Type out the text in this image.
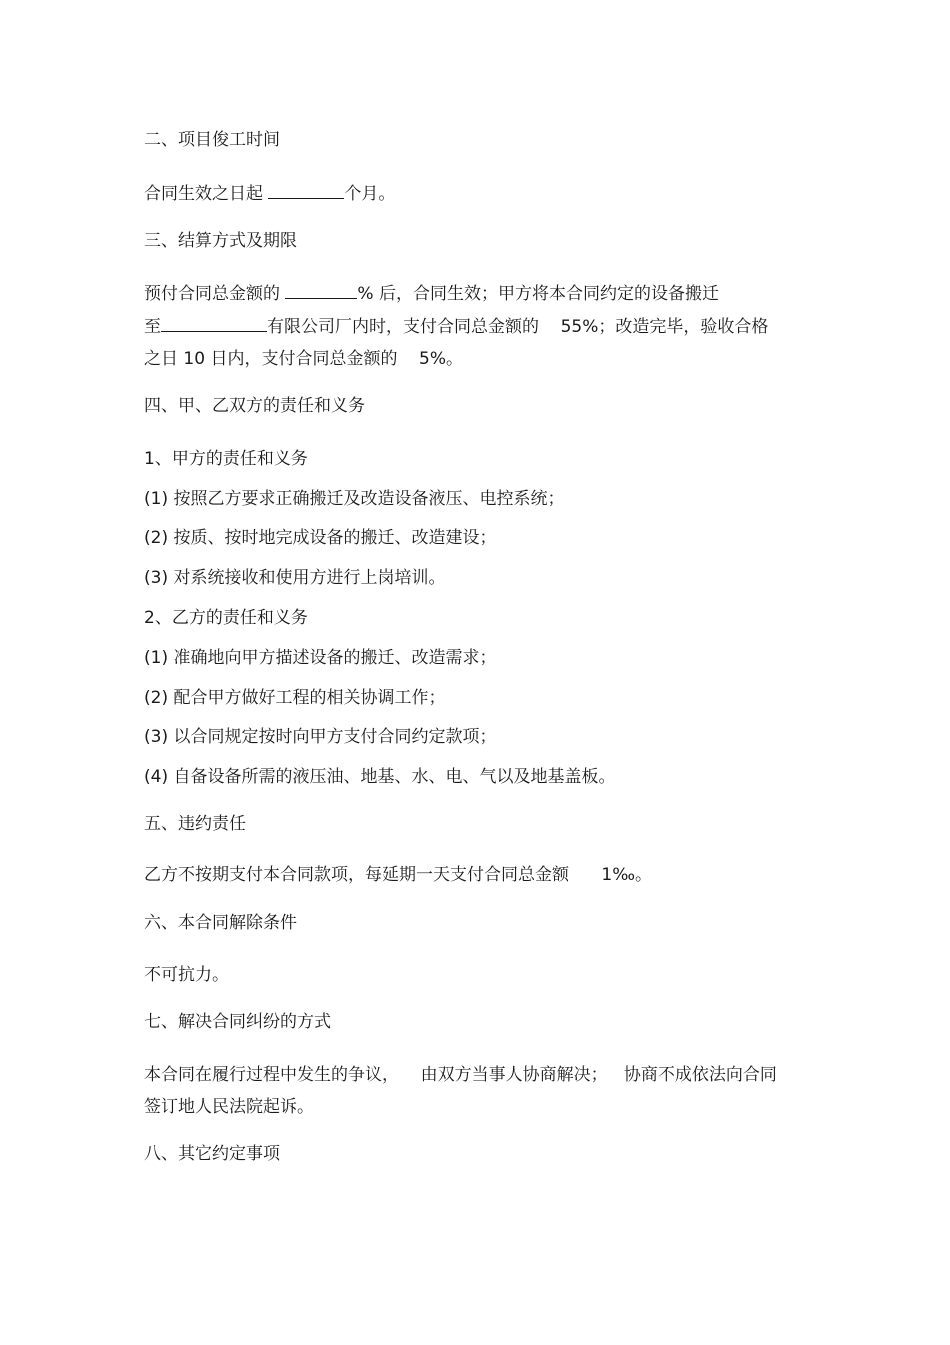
二、项目俊工时间
合同生效之日起	个月。
三、结算方式及期限
预付合同总金额的	% 后，合同生效；甲方将本合同约定的设备搬迁
至	有限公司厂内时，支付合同总金额的    55%；改造完毕，验收合格
之日 10 日内，支付合同总金额的    5%。
四、甲、乙双方的责任和义务
1、甲方的责任和义务
(1) 按照乙方要求正确搬迁及改造设备液压、电控系统；
(2) 按质、按时地完成设备的搬迁、改造建设；
(3) 对系统接收和使用方进行上岗培训。
2、乙方的责任和义务
(1) 准确地向甲方描述设备的搬迁、改造需求；
(2) 配合甲方做好工程的相关协调工作；
(3) 以合同规定按时向甲方支付合同约定款项；
(4) 自备设备所需的液压油、地基、水、电、气以及地基盖板。
五、违约责任
乙方不按期支付本合同款项，每延期一天支付合同总金额      1‰。
六、本合同解除条件
不可抗力。
七、解决合同纠纷的方式
本合同在履行过程中发生的争议，    由双方当事人协商解决；   协商不成依法向合同
签订地人民法院起诉。
八、其它约定事项
